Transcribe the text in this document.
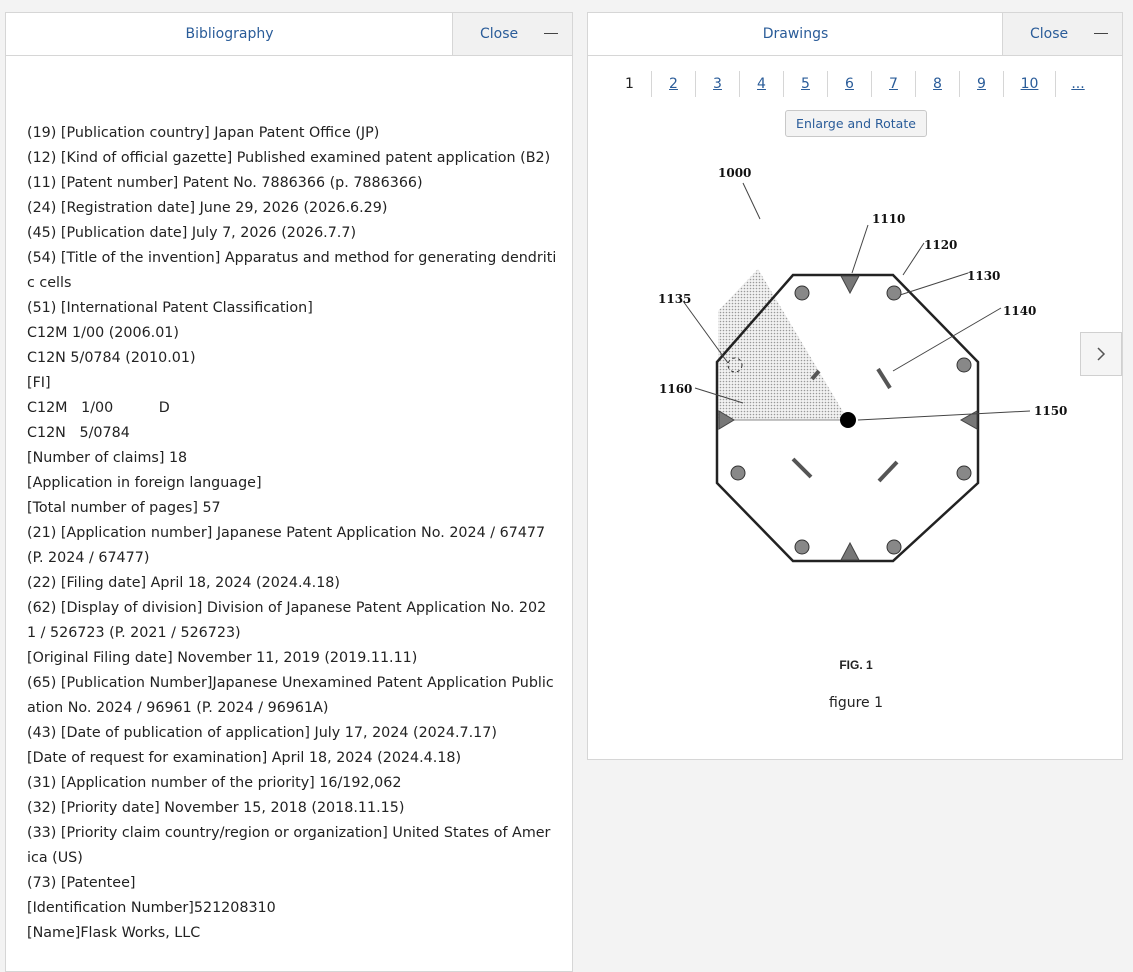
Bibliography	Close
(19) [Publication country] Japan Patent Office (JP)
(12) [Kind of official gazette] Published examined patent application (B2)
(11) [Patent number] Patent No. 7886366 (p. 7886366)
(24) [Registration date] June 29, 2026 (2026.6.29)
(45) [Publication date] July 7, 2026 (2026.7.7)
(54) [Title of the invention] Apparatus and method for generating dendriti
c cells
(51) [International Patent Classification]
C12M 1/00 (2006.01)
C12N 5/0784 (2010.01)
[FI]
C12M   1/00          D
C12N   5/0784
[Number of claims] 18
[Application in foreign language]
[Total number of pages] 57
(21) [Application number] Japanese Patent Application No. 2024 / 67477
(P. 2024 / 67477)
(22) [Filing date] April 18, 2024 (2024.4.18)
(62) [Display of division] Division of Japanese Patent Application No. 202
1 / 526723 (P. 2021 / 526723)
[Original Filing date] November 11, 2019 (2019.11.11)
(65) [Publication Number]Japanese Unexamined Patent Application Public
ation No. 2024 / 96961 (P. 2024 / 96961A)
(43) [Date of publication of application] July 17, 2024 (2024.7.17)
[Date of request for examination] April 18, 2024 (2024.4.18)
(31) [Application number of the priority] 16/192,062
(32) [Priority date] November 15, 2018 (2018.11.15)
(33) [Priority claim country/region or organization] United States of Amer
ica (US)
(73) [Patentee]
[Identification Number]521208310
[Name]Flask Works, LLC
Drawings	Close
1	2	3	4	5	6	7	8	9	10	...
Enlarge and Rotate
1000
1110
1120
1130
1140
1135
1160
1150
FIG. 1
figure 1
